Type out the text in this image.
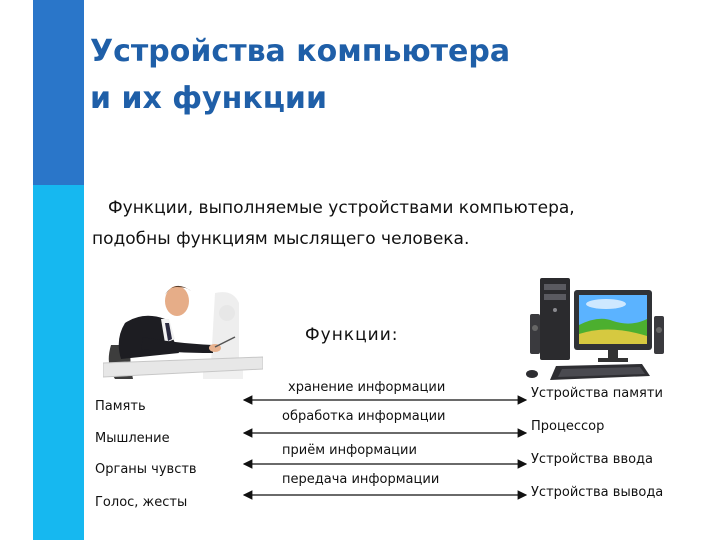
Устройства компьютера
и их функции

Функции, выполняемые устройствами компьютера,
подобны функциям мыслящего человека.

Функции:
Память
Мышление
Органы чувств
Голос, жесты
хранение информации
обработка информации
приём информации
передача информации
Устройства памяти
Процессор
Устройства ввода
Устройства вывода
